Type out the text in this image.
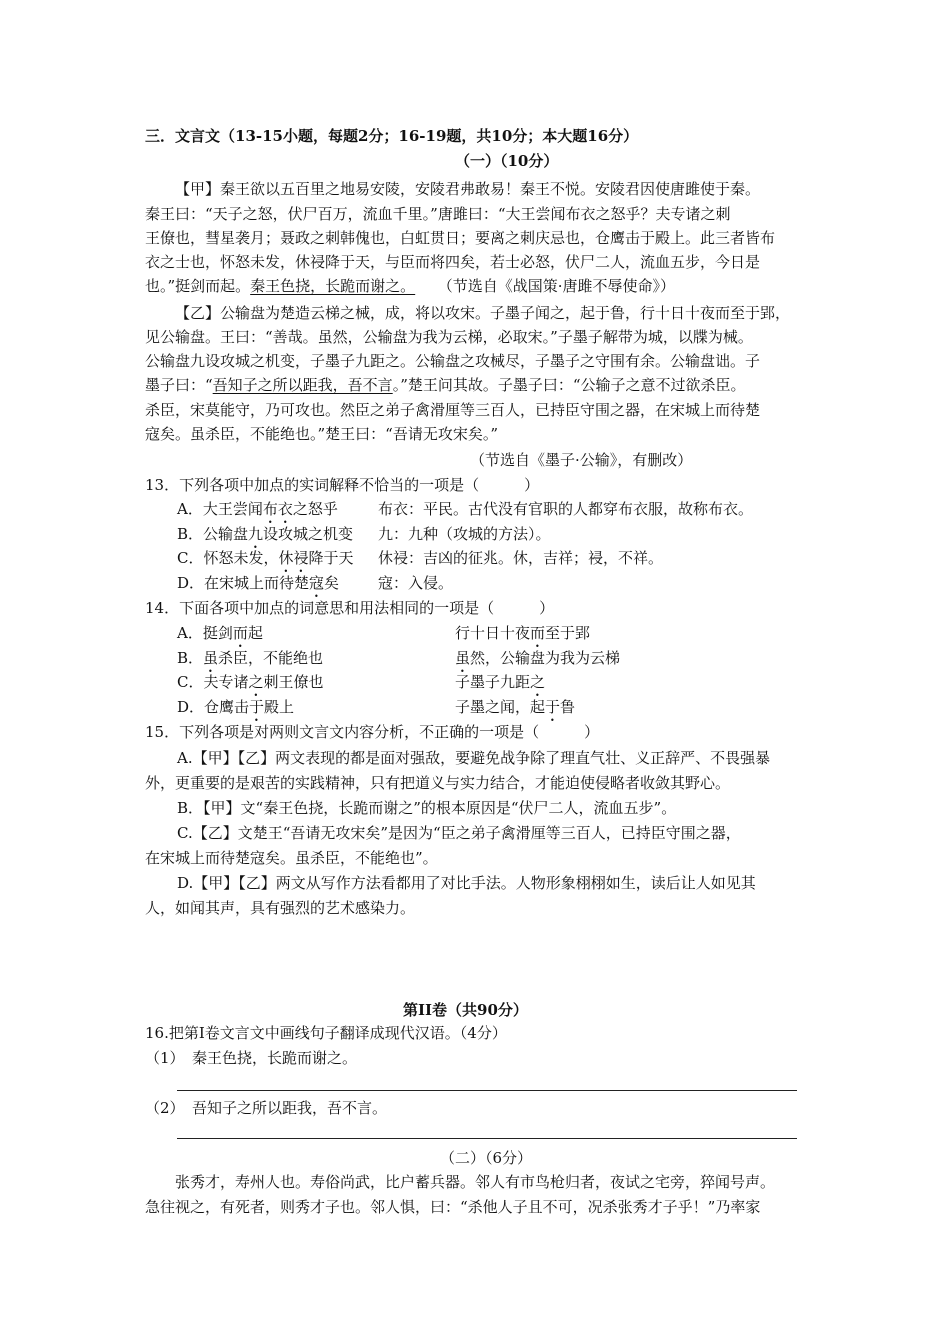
三．文言文（13-15小题，每题2分；16-19题，共10分；本大题16分）
（一）（10分）
【甲】秦王欲以五百里之地易安陵，安陵君弗敢易！秦王不悦。安陵君因使唐雎使于秦。
秦王曰：“天子之怒，伏尸百万，流血千里。”唐雎曰：“大王尝闻布衣之怒乎？夫专诸之刺
王僚也，彗星袭月；聂政之刺韩傀也，白虹贯日；要离之刺庆忌也，仓鹰击于殿上。此三者皆布
衣之士也，怀怒未发，休祲降于天，与臣而将四矣，若士必怒，伏尸二人，流血五步，今日是
也。”挺剑而起。秦王色挠，长跪而谢之。 （节选自《战国策·唐雎不辱使命》）
【乙】公输盘为楚造云梯之械，成，将以攻宋。子墨子闻之，起于鲁，行十日十夜而至于郢，
见公输盘。王曰：“善哉。虽然，公输盘为我为云梯，必取宋。”子墨子解带为城，以牒为械。
公输盘九设攻城之机变，子墨子九距之。公输盘之攻械尽，子墨子之守围有余。公输盘诎。子
墨子曰：“吾知子之所以距我，吾不言。”楚王问其故。子墨子曰：“公输子之意不过欲杀臣。
杀臣，宋莫能守，乃可攻也。然臣之弟子禽滑厘等三百人，已持臣守围之器，在宋城上而待楚
寇矣。虽杀臣，不能绝也。”楚王曰：“吾请无攻宋矣。”
（节选自《墨子·公输》，有删改）
13．下列各项中加点的实词解释不恰当的一项是（　　　）
A．大王尝闻布衣之怒乎	布衣：平民。古代没有官职的人都穿布衣服，故称布衣。
B．公输盘九设攻城之机变 九：九种（攻城的方法）。
C．怀怒未发，休祲降于天 休祲：吉凶的征兆。休，吉祥；祲，不祥。
D．在宋城上而待楚寇矣	寇：入侵。
14．下面各项中加点的词意思和用法相同的一项是（　　　）
A．挺剑而起	行十日十夜而至于郢
B．虽杀臣，不能绝也	虽然，公输盘为我为云梯
C．夫专诸之刺王僚也	子墨子九距之
D．仓鹰击于殿上	子墨之闻，起于鲁
15．下列各项是对两则文言文内容分析，不正确的一项是（　　　）
A.【甲】【乙】两文表现的都是面对强敌，要避免战争除了理直气壮、义正辞严、不畏强暴
外，更重要的是艰苦的实践精神，只有把道义与实力结合，才能迫使侵略者收敛其野心。
B．【甲】文“秦王色挠，长跪而谢之”的根本原因是“伏尸二人，流血五步”。
C.【乙】文楚王“吾请无攻宋矣”是因为“臣之弟子禽滑厘等三百人，已持臣守围之器，
在宋城上而待楚寇矣。虽杀臣，不能绝也”。
D.【甲】【乙】两文从写作方法看都用了对比手法。人物形象栩栩如生，读后让人如见其
人，如闻其声，具有强烈的艺术感染力。
第II卷（共90分）
16.把第Ⅰ卷文言文中画线句子翻译成现代汉语。（4分）
（1）　秦王色挠，长跪而谢之。
（2）　吾知子之所以距我，吾不言。
（二）（6分）
张秀才，寿州人也。寿俗尚武，比户蓄兵器。邻人有市鸟枪归者，夜试之宅旁，猝闻号声。
急往视之，有死者，则秀才子也。邻人惧，曰：“杀他人子且不可，况杀张秀才子乎！”乃率家
